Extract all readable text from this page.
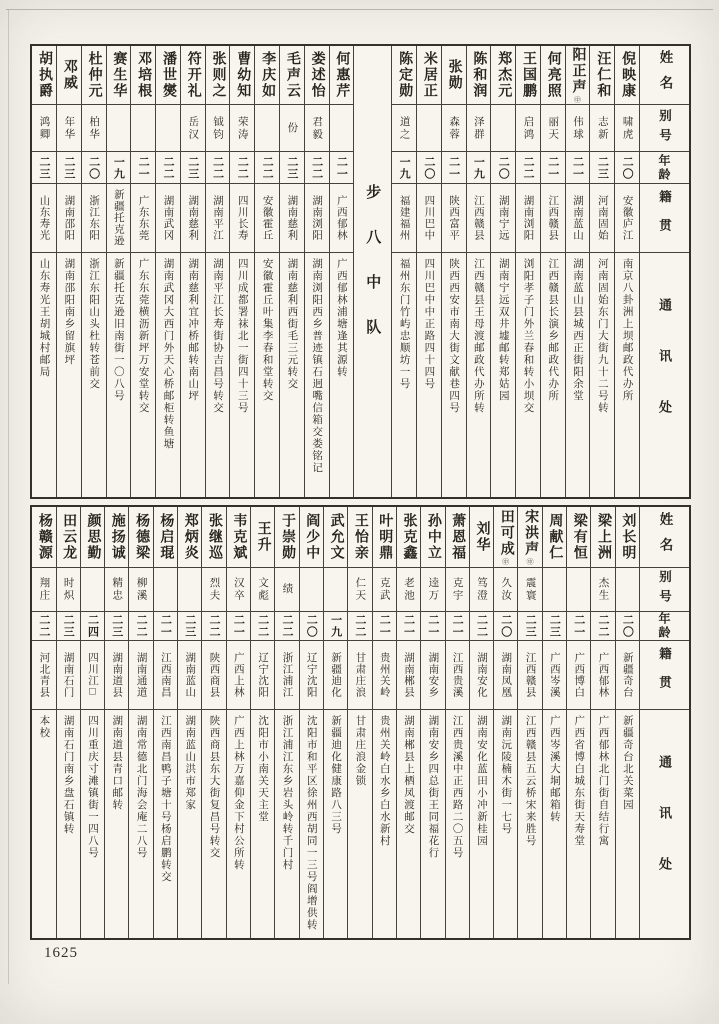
姓名
别号
年龄
籍贯
通讯处
倪映康
啸虎
二〇
安徽庐江
南京八卦洲上坝邮政代办所
汪仁和
志新
二三
河南固始
河南固始东门大街九十二号转
阳正声
㊥
伟球
二一
湖南蓝山
湖南蓝山县城西正街阳余堂
何亮照
丽天
二一
江西赣县
江西赣县长演乡邮政代办所
王国鹏
启鸿
二二
湖南浏阳
浏阳孝子门外兰春和转小坝交
郑杰元
二〇
湖南宁远
湖南宁远双井墟邮转郑姑园
陈和润
泽群
一九
江西赣县
江西赣县王母渡邮政代办所转
张勋
森蓉
二一
陕西富平
陕西西安市南大街文献巷四号
米居正
二〇
四川巴中
四川巴中中正路四十四号
陈定勋
道之
一九
福建福州
福州东门竹屿忠顺坊一号
步八中队
何惠芹
二一
广西郁林
广西郁林浦塘逢其源转
娄述怡
君毅
二二
湖南浏阳
湖南浏阳西乡普迹镇石迥嘴信箱交娄铭记
毛声云
份
二三
湖南慈利
湖南慈利西街毛三元转交
李庆如
二二
安徽霍丘
安徽霍丘叶集李春和堂转交
曹幼知
荣涛
二二
四川长寿
四川成都署袜北一街四十三号
张则之
钺钧
二二
湖南平江
湖南平江长寿街协吉昌号转交
符开礼
岳汉
二三
湖南慈利
湖南慈利宜冲桥邮转南山坪
潘世爕
二二
湖南武冈
湖南武冈大西门外天心桥邮柜转鱼塘
邓培根
二一
广东东莞
广东东莞横沥新坪万安堂转交
赛生华
一九
新疆托克逊
新疆托克逊旧南街一〇八号
杜仲元
柏华
二〇
浙江东阳
浙江东阳山头杜转苍前交
邓威
年华
二三
湖南邵阳
湖南邵阳南乡留旗坪
胡执爵
鸿卿
二三
山东寿光
山东寿光王胡城村邮局
姓名
别号
年龄
籍贯
通讯处
刘长明
二〇
新疆奇台
新疆奇台北关菜园
梁上洲
杰生
二二
广西郁林
广西郁林北门街自结行寓
梁有恒
二一
广西博白
广西省博白城东街天寿堂
周献仁
二三
广西岑溪
广西岑溪大垌邮箱转
宋洪声
㊥
震寰
二三
江西赣县
江西赣县五云桥宋来胜号
田可成
㊥
久汝
二〇
湖南凤凰
湖南沅陵楠木街一七号
刘华
笃澄
二二
湖南安化
湖南安化蓝田小冲新桂园
萧恩福
克宇
二一
江西贵溪
江西贵溪中正西路二〇五号
孙中立
逵万
二一
湖南安乡
湖南安乡四总街王同福花行
张克鑫
老池
二一
湖南郴县
湖南郴县上栖凤渡邮交
叶明鼎
克武
二一
贵州关岭
贵州关岭白水乡白水新村
王怡亲
仁天
二二
甘肃庄浪
甘肃庄浪金锁
武允文
一九
新疆迪化
新疆迪化健康路八三号
阎少中
二〇
辽宁沈阳
沈阳市和平区徐州西胡同一三号阎增供转
于崇勋
绩
二二
浙江浦江
浙江浦江东乡岩头岭转千门村
王升
文彪
二二
辽宁沈阳
沈阳市小南关天主堂
韦克斌
汉卒
二一
广西上林
广西上林万嘉仰金下村公所转
张继巡
烈夫
二二
陕西商县
陕西商县东大街复昌号转交
郑炳炎
二三
湖南蓝山
湖南蓝山洪市郑家
杨启琨
二一
江西南昌
江西南昌鸭子塘十号杨启鹏转交
杨德梁
柳溪
二二
湖南通道
湖南常德北门海会庵二八号
施扬诚
精忠
二三
湖南道县
湖南道县青口邮转
颜思勤
二四
四川江□
四川重庆寸滩镇街一四八号
田云龙
时炽
二三
湖南石门
湖南石门南乡盘石镇转
杨赣源
翔庄
二二
河北青县
本校
1625
